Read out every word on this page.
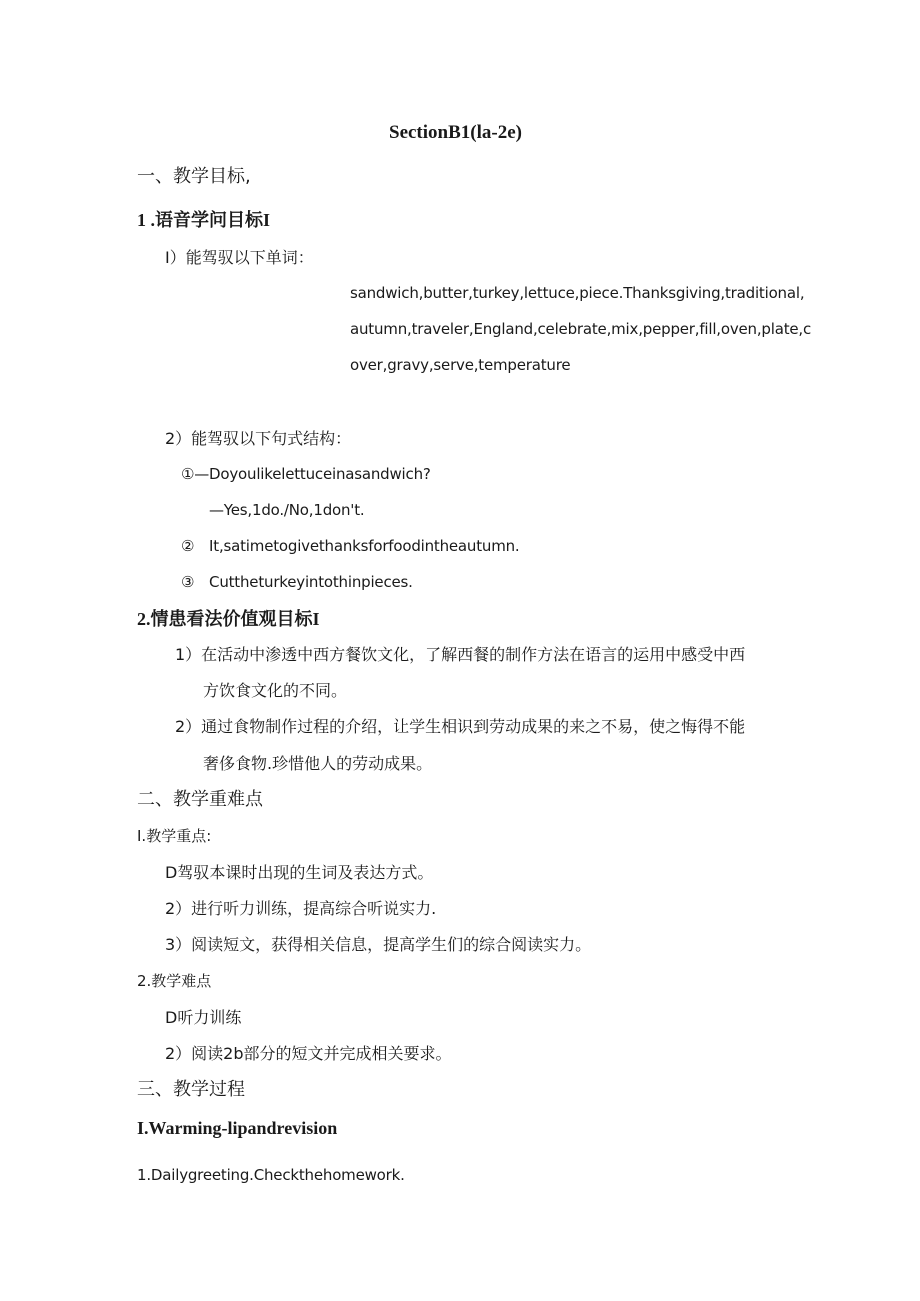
SectionB1(la-2e)
一、教学目标,
1 .语音学问目标I
I）能驾驭以下单词：
sandwich,butter,turkey,lettuce,piece.Thanksgiving,traditional,
autumn,traveler,England,celebrate,mix,pepper,fill,oven,plate,c
over,gravy,serve,temperature
2）能驾驭以下句式结构：
①—Doyoulikelettuceinasandwich?
—Yes,1do./No,1don't.
②　It,satimetogivethanksforfoodintheautumn.
③　Cuttheturkeyintothinpieces.
2.情患看法价值观目标I
1）在活动中渗透中西方餐饮文化，了解西餐的制作方法在语言的运用中感受中西
方饮食文化的不同。
2）通过食物制作过程的介绍，让学生相识到劳动成果的来之不易，使之悔得不能
奢侈食物.珍惜他人的劳动成果。
二、教学重难点
I.教学重点:
D驾驭本课时出现的生词及表达方式。
2）进行听力训练，提高综合听说实力.
3）阅读短文，获得相关信息，提高学生们的综合阅读实力。
2.教学难点
D听力训练
2）阅读2b部分的短文并完成相关要求。
三、教学过程
I.Warming-lipandrevision
1.Dailygreeting.Checkthehomework.
